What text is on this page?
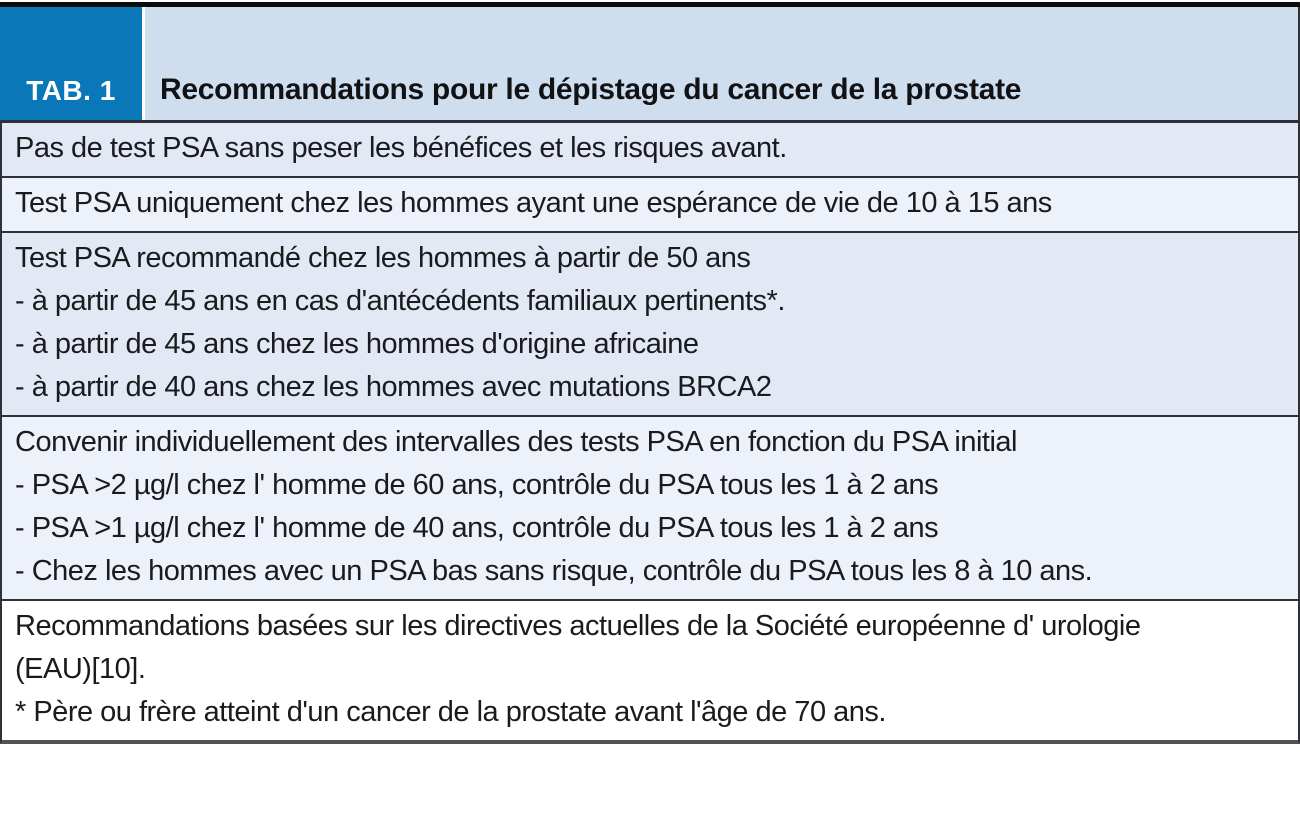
TAB. 1 Recommandations pour le dépistage du cancer de la prostate
Pas de test PSA sans peser les bénéfices et les risques avant.
Test PSA uniquement chez les hommes ayant une espérance de vie de 10 à 15 ans
Test PSA recommandé chez les hommes à partir de 50 ans
- à partir de 45 ans en cas d'antécédents familiaux pertinents*.
- à partir de 45 ans chez les hommes d'origine africaine
- à partir de 40 ans chez les hommes avec mutations BRCA2
Convenir individuellement des intervalles des tests PSA en fonction du PSA initial
- PSA >2 µg/l chez l' homme de 60 ans, contrôle du PSA tous les 1 à 2 ans
- PSA >1 µg/l chez l' homme de 40 ans, contrôle du PSA tous les 1 à 2 ans
- Chez les hommes avec un PSA bas sans risque, contrôle du PSA tous les 8 à 10 ans.
Recommandations basées sur les directives actuelles de la Société européenne d' urologie
(EAU)[10].
* Père ou frère atteint d'un cancer de la prostate avant l'âge de 70 ans.
